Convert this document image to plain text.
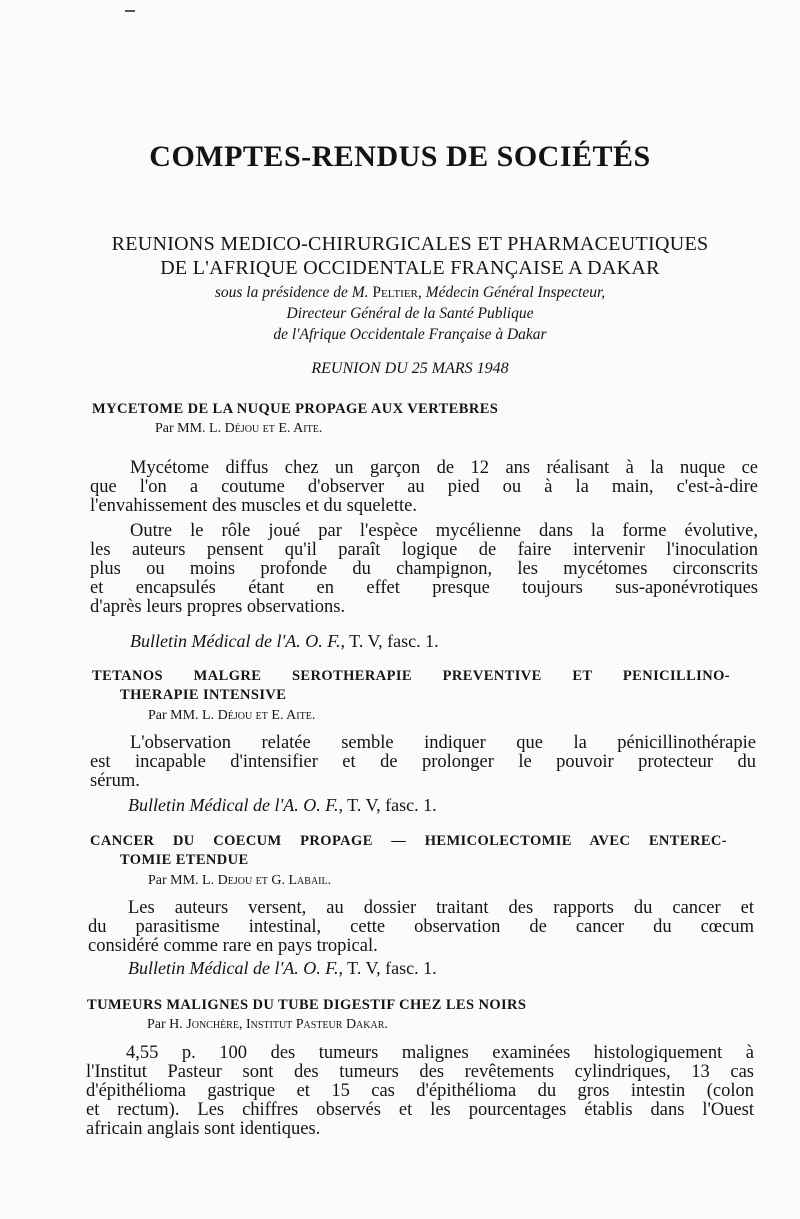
COMPTES-RENDUS DE SOCIÉTÉS
REUNIONS MEDICO-CHIRURGICALES ET PHARMACEUTIQUES
DE L'AFRIQUE OCCIDENTALE FRANÇAISE A DAKAR
sous la présidence de M. Peltier, Médecin Général Inspecteur,
Directeur Général de la Santé Publique
de l'Afrique Occidentale Française à Dakar
REUNION DU 25 MARS 1948
MYCETOME DE LA NUQUE PROPAGE AUX VERTEBRES
Par MM. L. Déjou et E. Aite.
Mycétome diffus chez un garçon de 12 ans réalisant à la nuque ce
que l'on a coutume d'observer au pied ou à la main, c'est-à-dire
l'envahissement des muscles et du squelette.
Outre le rôle joué par l'espèce mycélienne dans la forme évolutive,
les auteurs pensent qu'il paraît logique de faire intervenir l'inoculation
plus ou moins profonde du champignon, les mycétomes circonscrits
et encapsulés étant en effet presque toujours sus-aponévrotiques
d'après leurs propres observations.
Bulletin Médical de l'A. O. F., T. V, fasc. 1.
TETANOS MALGRE SEROTHERAPIE PREVENTIVE ET PENICILLINO-
THERAPIE INTENSIVE
Par MM. L. Déjou et E. Aite.
L'observation relatée semble indiquer que la pénicillinothérapie
est incapable d'intensifier et de prolonger le pouvoir protecteur du
sérum.
Bulletin Médical de l'A. O. F., T. V, fasc. 1.
CANCER DU COECUM PROPAGE — HEMICOLECTOMIE AVEC ENTEREC-
TOMIE ETENDUE
Par MM. L. Dejou et G. Labail.
Les auteurs versent, au dossier traitant des rapports du cancer et
du parasitisme intestinal, cette observation de cancer du cœcum
considéré comme rare en pays tropical.
Bulletin Médical de l'A. O. F., T. V, fasc. 1.
TUMEURS MALIGNES DU TUBE DIGESTIF CHEZ LES NOIRS
Par H. Jonchère, Institut Pasteur Dakar.
4,55 p. 100 des tumeurs malignes examinées histologiquement à
l'Institut Pasteur sont des tumeurs des revêtements cylindriques, 13 cas
d'épithélioma gastrique et 15 cas d'épithélioma du gros intestin (colon
et rectum). Les chiffres observés et les pourcentages établis dans l'Ouest
africain anglais sont identiques.
